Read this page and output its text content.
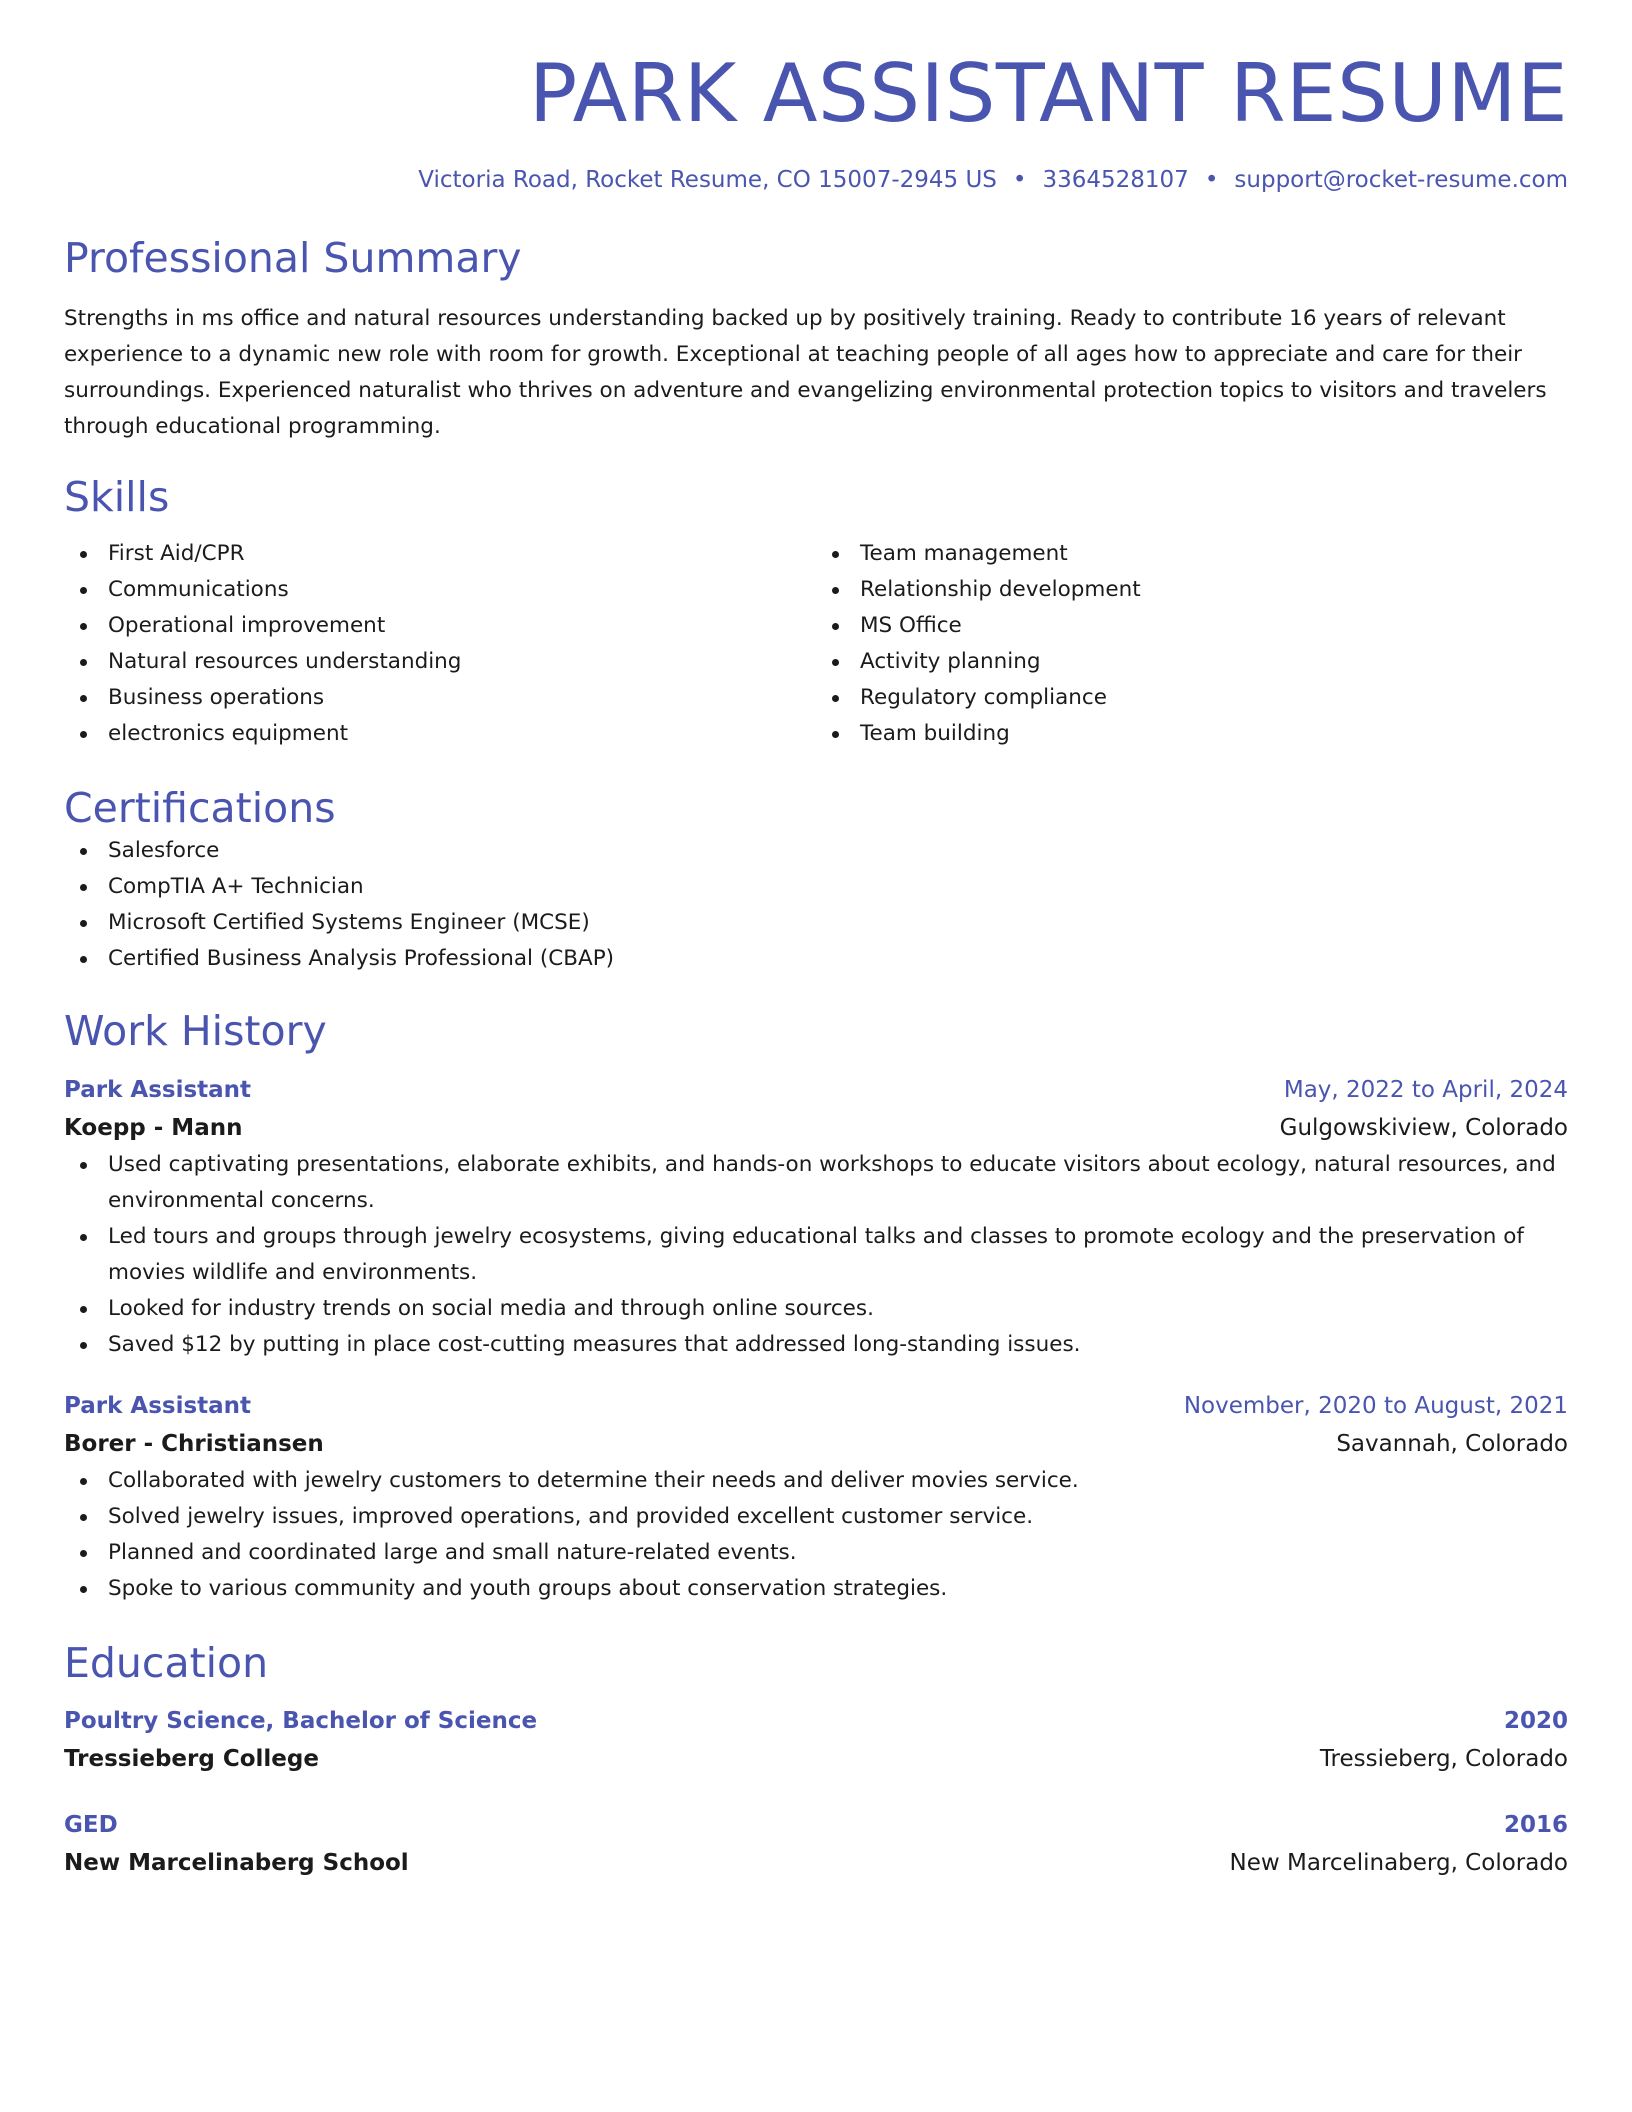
PARK ASSISTANT RESUME
Victoria Road, Rocket Resume, CO 15007-2945 US • 3364528107 • support@rocket-resume.com
Professional Summary

Strengths in ms office and natural resources understanding backed up by positively training. Ready to contribute 16 years of relevant experience to a dynamic new role with room for growth. Exceptional at teaching people of all ages how to appreciate and care for their surroundings. Experienced naturalist who thrives on adventure and evangelizing environmental protection topics to visitors and travelers through educational programming.

Skills
First Aid/CPR
Communications
Operational improvement
Natural resources understanding
Business operations
electronics equipment
Team management
Relationship development
MS Office
Activity planning
Regulatory compliance
Team building
Certifications
Salesforce
CompTIA A+ Technician
Microsoft Certified Systems Engineer (MCSE)
Certified Business Analysis Professional (CBAP)
Work History
Park Assistant	May, 2022 to April, 2024
Koepp - Mann	Gulgowskiview, Colorado
Used captivating presentations, elaborate exhibits, and hands-on workshops to educate visitors about ecology, natural resources, and environmental concerns.
Led tours and groups through jewelry ecosystems, giving educational talks and classes to promote ecology and the preservation of movies wildlife and environments.
Looked for industry trends on social media and through online sources.
Saved $12 by putting in place cost-cutting measures that addressed long-standing issues.
Park Assistant	November, 2020 to August, 2021
Borer - Christiansen	Savannah, Colorado
Collaborated with jewelry customers to determine their needs and deliver movies service.
Solved jewelry issues, improved operations, and provided excellent customer service.
Planned and coordinated large and small nature-related events.
Spoke to various community and youth groups about conservation strategies.
Education
Poultry Science, Bachelor of Science	2020
Tressieberg College	Tressieberg, Colorado
GED	2016
New Marcelinaberg School	New Marcelinaberg, Colorado
